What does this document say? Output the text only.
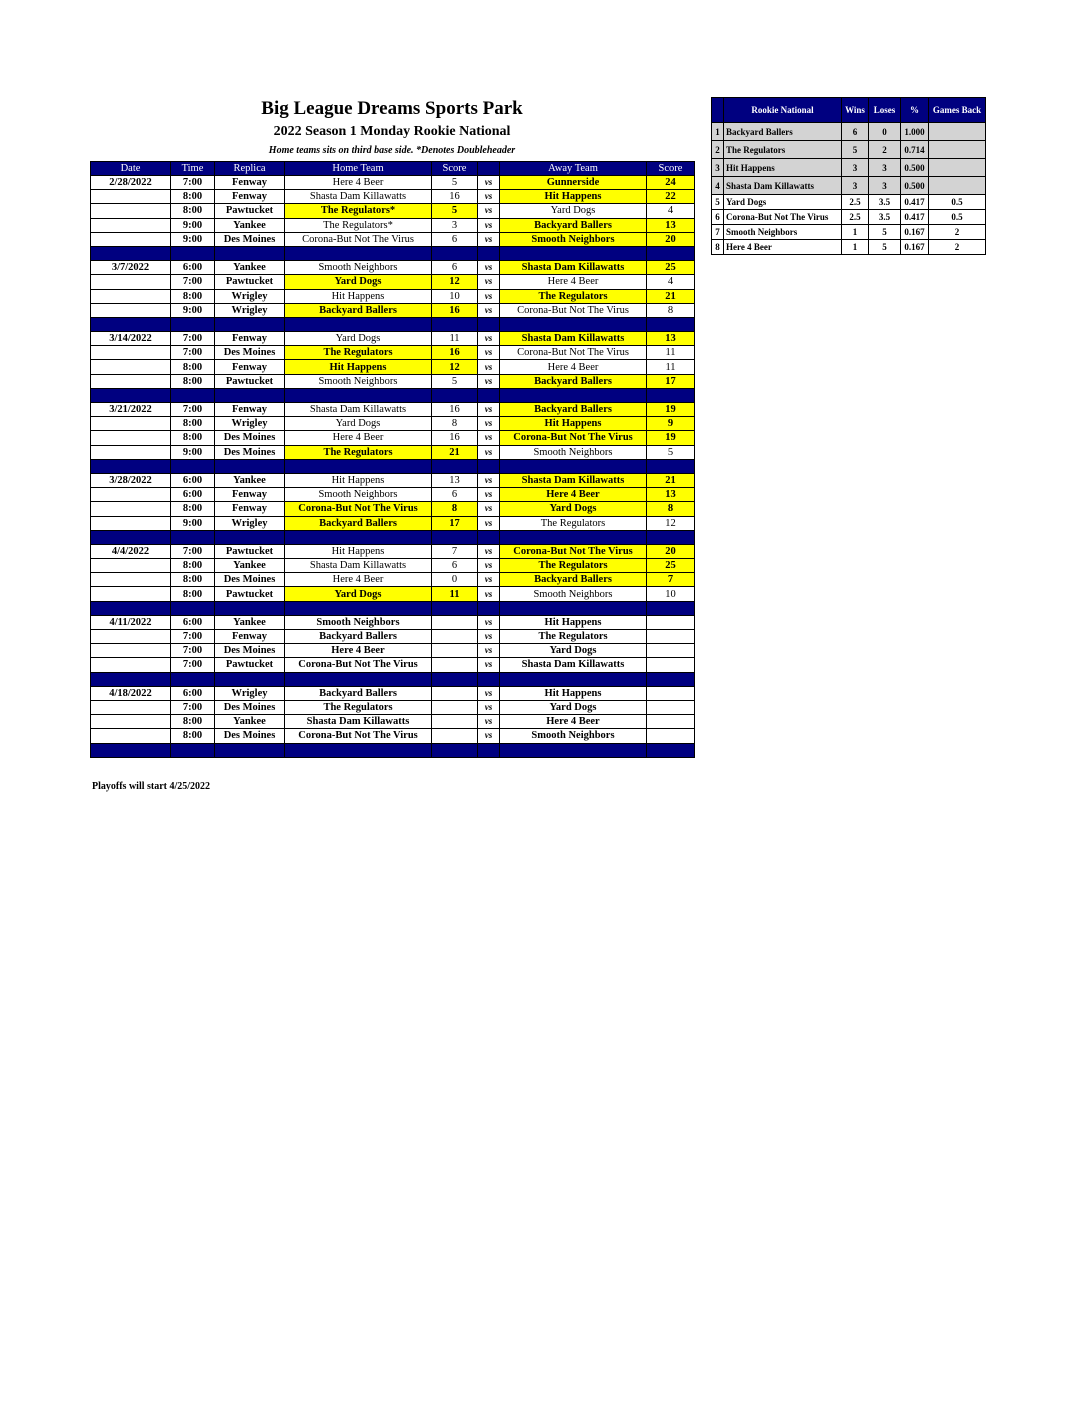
Big League Dreams Sports Park
2022 Season 1 Monday Rookie National
Home teams sits on third base side. *Denotes Doubleheader
Date	Time	Replica	Home Team	Score		Away Team	Score
2/28/2022	7:00	Fenway	Here 4 Beer	5	vs	Gunnerside	24
	8:00	Fenway	Shasta Dam Killawatts	16	vs	Hit Happens	22
	8:00	Pawtucket	The Regulators*	5	vs	Yard Dogs	4
	9:00	Yankee	The Regulators*	3	vs	Backyard Ballers	13
	9:00	Des Moines	Corona-But Not The Virus	6	vs	Smooth Neighbors	20

3/7/2022	6:00	Yankee	Smooth Neighbors	6	vs	Shasta Dam Killawatts	25
	7:00	Pawtucket	Yard Dogs	12	vs	Here 4 Beer	4
	8:00	Wrigley	Hit Happens	10	vs	The Regulators	21
	9:00	Wrigley	Backyard Ballers	16	vs	Corona-But Not The Virus	8

3/14/2022	7:00	Fenway	Yard Dogs	11	vs	Shasta Dam Killawatts	13
	7:00	Des Moines	The Regulators	16	vs	Corona-But Not The Virus	11
	8:00	Fenway	Hit Happens	12	vs	Here 4 Beer	11
	8:00	Pawtucket	Smooth Neighbors	5	vs	Backyard Ballers	17

3/21/2022	7:00	Fenway	Shasta Dam Killawatts	16	vs	Backyard Ballers	19
	8:00	Wrigley	Yard Dogs	8	vs	Hit Happens	9
	8:00	Des Moines	Here 4 Beer	16	vs	Corona-But Not The Virus	19
	9:00	Des Moines	The Regulators	21	vs	Smooth Neighbors	5

3/28/2022	6:00	Yankee	Hit Happens	13	vs	Shasta Dam Killawatts	21
	6:00	Fenway	Smooth Neighbors	6	vs	Here 4 Beer	13
	8:00	Fenway	Corona-But Not The Virus	8	vs	Yard Dogs	8
	9:00	Wrigley	Backyard Ballers	17	vs	The Regulators	12

4/4/2022	7:00	Pawtucket	Hit Happens	7	vs	Corona-But Not The Virus	20
	8:00	Yankee	Shasta Dam Killawatts	6	vs	The Regulators	25
	8:00	Des Moines	Here 4 Beer	0	vs	Backyard Ballers	7
	8:00	Pawtucket	Yard Dogs	11	vs	Smooth Neighbors	10

4/11/2022	6:00	Yankee	Smooth Neighbors		vs	Hit Happens	
	7:00	Fenway	Backyard Ballers		vs	The Regulators	
	7:00	Des Moines	Here 4 Beer		vs	Yard Dogs	
	7:00	Pawtucket	Corona-But Not The Virus		vs	Shasta Dam Killawatts	

4/18/2022	6:00	Wrigley	Backyard Ballers		vs	Hit Happens	
	7:00	Des Moines	The Regulators		vs	Yard Dogs	
	8:00	Yankee	Shasta Dam Killawatts		vs	Here 4 Beer	
	8:00	Des Moines	Corona-But Not The Virus		vs	Smooth Neighbors	

	Rookie National	Wins	Loses	%	Games Back
1	Backyard Ballers	6	0	1.000	
2	The Regulators	5	2	0.714	
3	Hit Happens	3	3	0.500	
4	Shasta Dam Killawatts	3	3	0.500	
5	Yard Dogs	2.5	3.5	0.417	0.5
6	Corona-But Not The Virus	2.5	3.5	0.417	0.5
7	Smooth Neighbors	1	5	0.167	2
8	Here 4 Beer	1	5	0.167	2
Playoffs will start 4/25/2022
